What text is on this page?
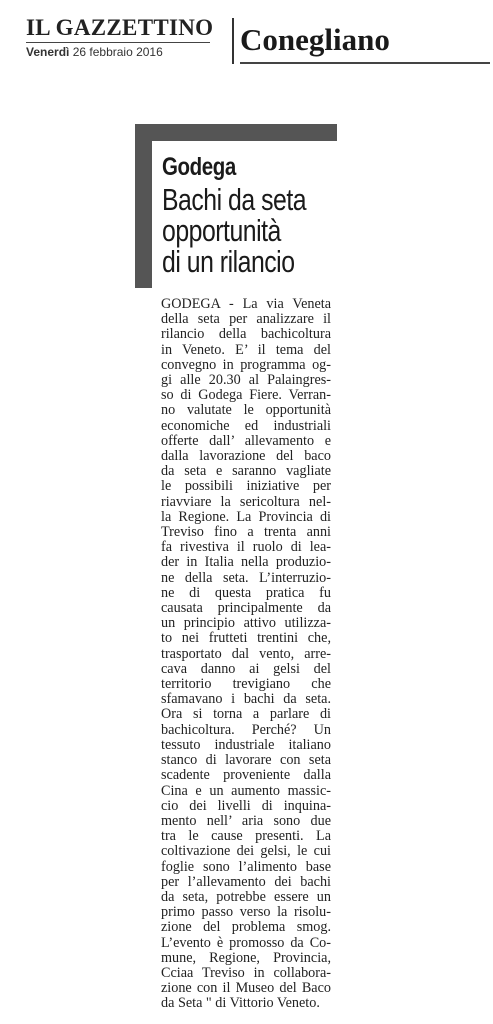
IL GAZZETTINO
Venerdì 26 febbraio 2016	Conegliano
Godega
Bachi da seta
opportunità
di un rilancio
GODEGA - La via Veneta
della seta per analizzare il
rilancio della bachicoltura
in Veneto. E’ il tema del
convegno in programma og-
gi alle 20.30 al Palaingres-
so di Godega Fiere. Verran-
no valutate le opportunità
economiche ed industriali
offerte dall’ allevamento e
dalla lavorazione del baco
da seta e saranno vagliate
le possibili iniziative per
riavviare la sericoltura nel-
la Regione. La Provincia di
Treviso fino a trenta anni
fa rivestiva il ruolo di lea-
der in Italia nella produzio-
ne della seta. L’interruzio-
ne di questa pratica fu
causata principalmente da
un principio attivo utilizza-
to nei frutteti trentini che,
trasportato dal vento, arre-
cava danno ai gelsi del
territorio trevigiano che
sfamavano i bachi da seta.
Ora si torna a parlare di
bachicoltura. Perché? Un
tessuto industriale italiano
stanco di lavorare con seta
scadente proveniente dalla
Cina e un aumento massic-
cio dei livelli di inquina-
mento nell’ aria sono due
tra le cause presenti. La
coltivazione dei gelsi, le cui
foglie sono l’alimento base
per l’allevamento dei bachi
da seta, potrebbe essere un
primo passo verso la risolu-
zione del problema smog.
L’evento è promosso da Co-
mune, Regione, Provincia,
Cciaa Treviso in collabora-
zione con il Museo del Baco
da Seta " di Vittorio Veneto.
